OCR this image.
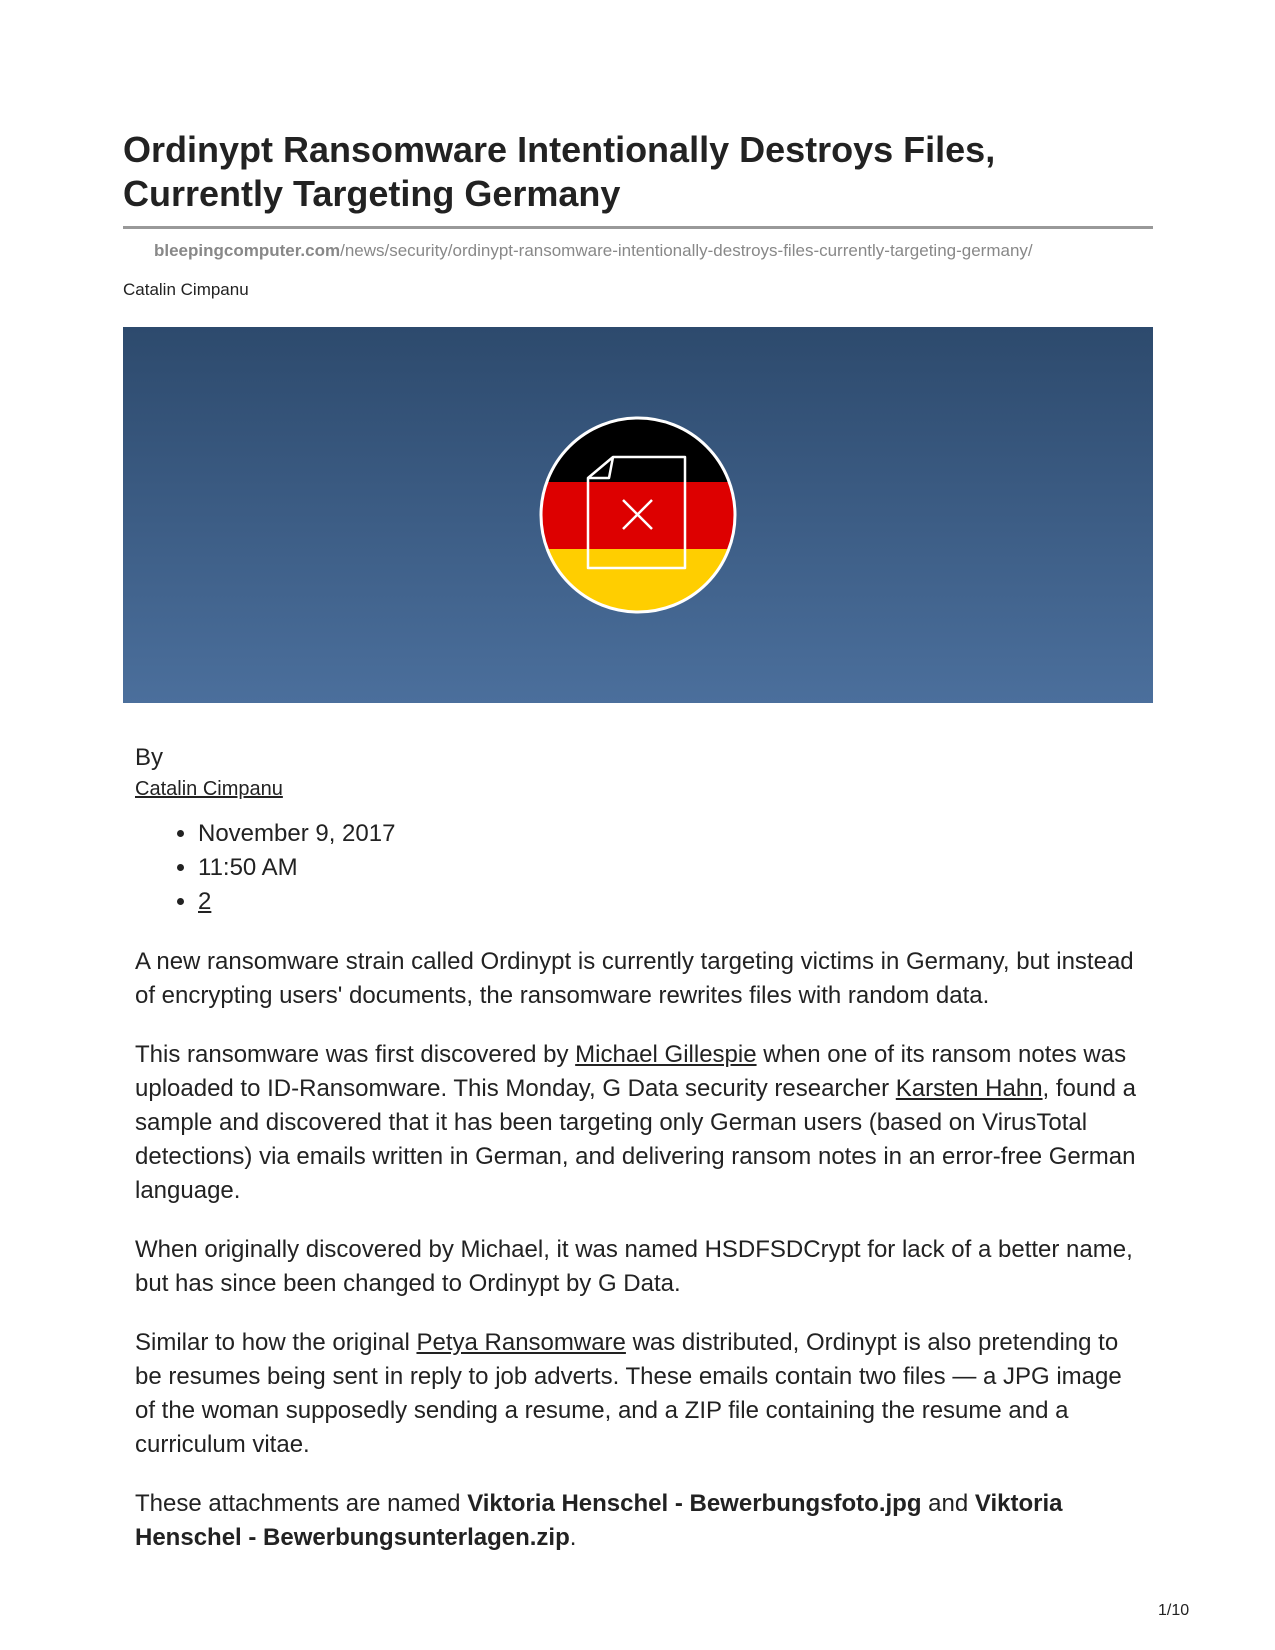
Ordinypt Ransomware Intentionally Destroys Files, Currently Targeting Germany
bleepingcomputer.com/news/security/ordinypt-ransomware-intentionally-destroys-files-currently-targeting-germany/
Catalin Cimpanu
By
Catalin Cimpanu
• November 9, 2017
• 11:50 AM
• 2

A new ransomware strain called Ordinypt is currently targeting victims in Germany, but instead of encrypting users' documents, the ransomware rewrites files with random data.

This ransomware was first discovered by Michael Gillespie when one of its ransom notes was uploaded to ID-Ransomware. This Monday, G Data security researcher Karsten Hahn, found a sample and discovered that it has been targeting only German users (based on VirusTotal detections) via emails written in German, and delivering ransom notes in an error-free German language.

When originally discovered by Michael, it was named HSDFSDCrypt for lack of a better name, but has since been changed to Ordinypt by G Data.

Similar to how the original Petya Ransomware was distributed, Ordinypt is also pretending to be resumes being sent in reply to job adverts. These emails contain two files — a JPG image of the woman supposedly sending a resume, and a ZIP file containing the resume and a curriculum vitae.

These attachments are named Viktoria Henschel - Bewerbungsfoto.jpg and Viktoria Henschel - Bewerbungsunterlagen.zip.

1/10
